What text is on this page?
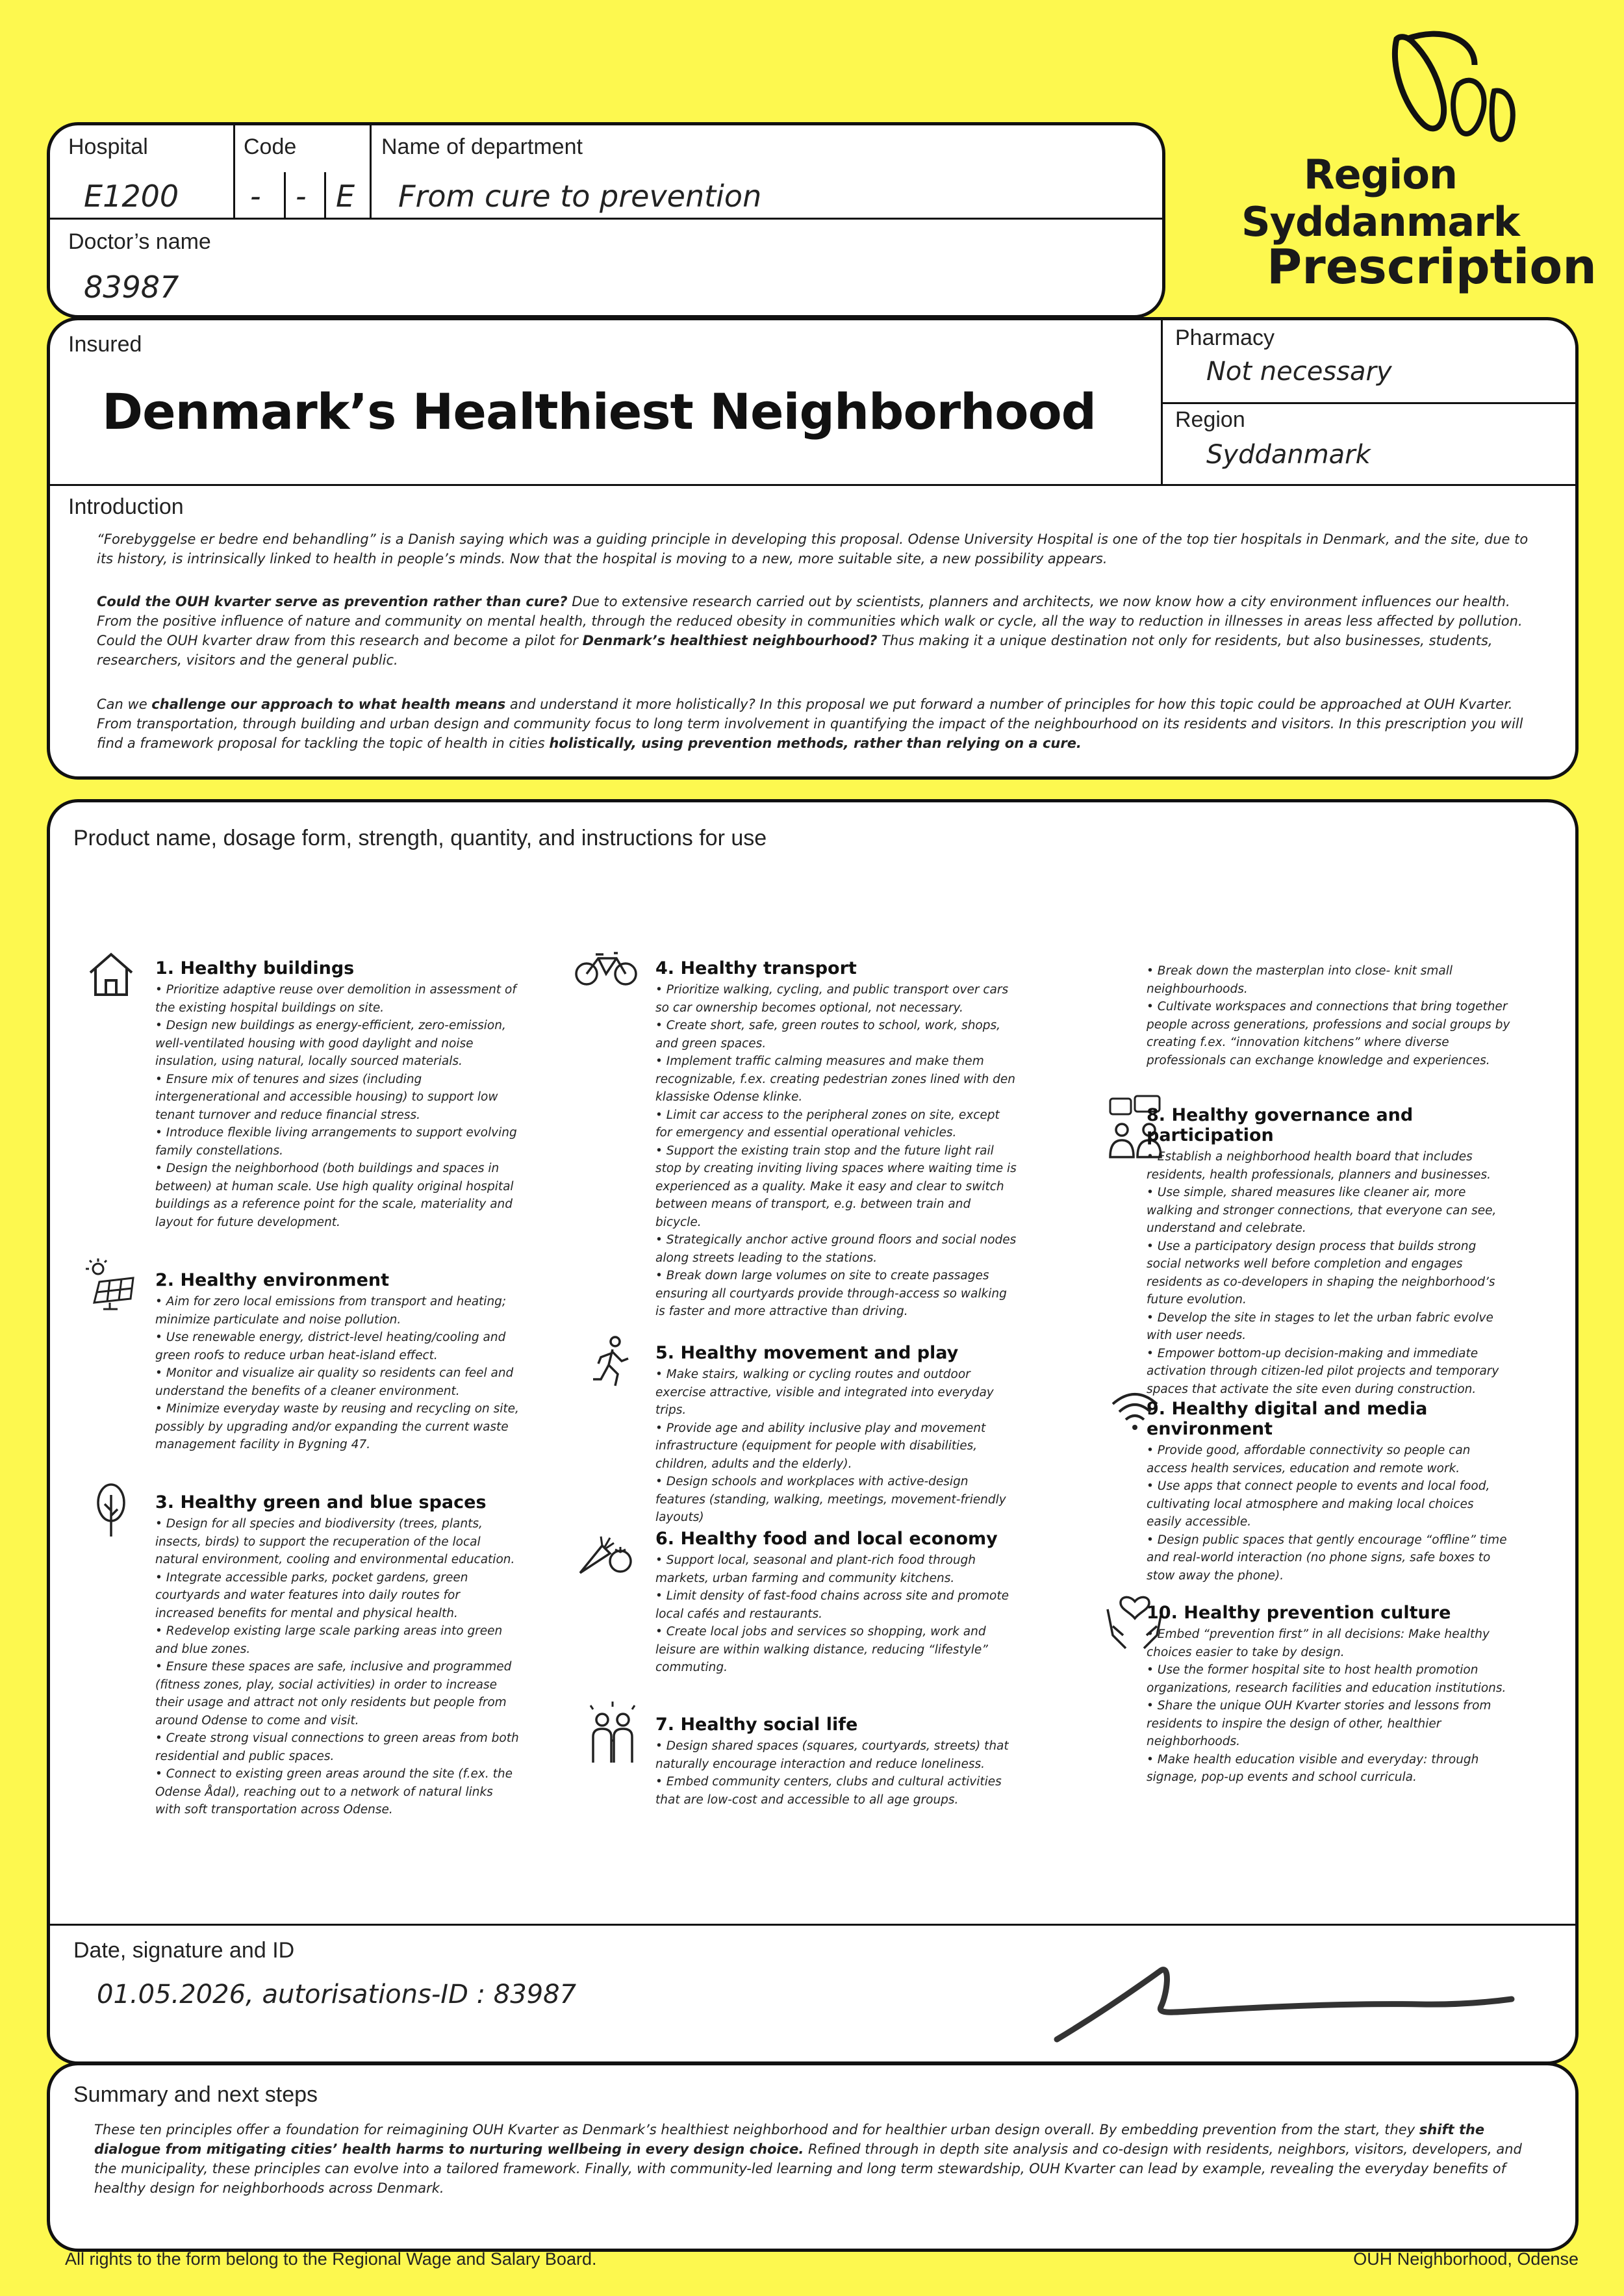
Region Syddanmark
Prescription
Hospital
E1200
Code
- - E
Name of department
From cure to prevention
Doctor’s name
83987
Insured
Denmark’s Healthiest Neighborhood
Pharmacy
Not necessary
Region
Syddanmark
Introduction
“Forebyggelse er bedre end behandling” is a Danish saying which was a guiding principle in developing this proposal. Odense University Hospital is one of the top tier hospitals in Denmark, and the site, due to its history, is intrinsically linked to health in people’s minds. Now that the hospital is moving to a new, more suitable site, a new possibility appears.
Could the OUH kvarter serve as prevention rather than cure? Due to extensive research carried out by scientists, planners and architects, we now know how a city environment influences our health. From the positive influence of nature and community on mental health, through the reduced obesity in communities which walk or cycle, all the way to reduction in illnesses in areas less affected by pollution. Could the OUH kvarter draw from this research and become a pilot for Denmark’s healthiest neighbourhood? Thus making it a unique destination not only for residents, but also businesses, students, researchers, visitors and the general public.
Can we challenge our approach to what health means and understand it more holistically? In this proposal we put forward a number of principles for how this topic could be approached at OUH Kvarter. From transportation, through building and urban design and community focus to long term involvement in quantifying the impact of the neighbourhood on its residents and visitors. In this prescription you will find a framework proposal for tackling the topic of health in cities holistically, using prevention methods, rather than relying on a cure.
Product name, dosage form, strength, quantity, and instructions for use
1. Healthy buildings
• Prioritize adaptive reuse over demolition in assessment of the existing hospital buildings on site.
• Design new buildings as energy-efficient, zero-emission, well-ventilated housing with good daylight and noise insulation, using natural, locally sourced materials.
• Ensure mix of tenures and sizes (including intergenerational and accessible housing) to support low tenant turnover and reduce financial stress.
• Introduce flexible living arrangements to support evolving family constellations.
• Design the neighborhood (both buildings and spaces in between) at human scale. Use high quality original hospital buildings as a reference point for the scale, materiality and layout for future development.
2. Healthy environment
• Aim for zero local emissions from transport and heating; minimize particulate and noise pollution.
• Use renewable energy, district-level heating/cooling and green roofs to reduce urban heat-island effect.
• Monitor and visualize air quality so residents can feel and understand the benefits of a cleaner environment.
• Minimize everyday waste by reusing and recycling on site, possibly by upgrading and/or expanding the current waste management facility in Bygning 47.
3. Healthy green and blue spaces
• Design for all species and biodiversity (trees, plants, insects, birds) to support the recuperation of the local natural environment, cooling and environmental education.
• Integrate accessible parks, pocket gardens, green courtyards and water features into daily routes for increased benefits for mental and physical health.
• Redevelop existing large scale parking areas into green and blue zones.
• Ensure these spaces are safe, inclusive and programmed (fitness zones, play, social activities) in order to increase their usage and attract not only residents but people from around Odense to come and visit.
• Create strong visual connections to green areas from both residential and public spaces.
• Connect to existing green areas around the site (f.ex. the Odense Ådal), reaching out to a network of natural links with soft transportation across Odense.
4. Healthy transport
• Prioritize walking, cycling, and public transport over cars so car ownership becomes optional, not necessary.
• Create short, safe, green routes to school, work, shops, and green spaces.
• Implement traffic calming measures and make them recognizable, f.ex. creating pedestrian zones lined with den klassiske Odense klinke.
• Limit car access to the peripheral zones on site, except for emergency and essential operational vehicles.
• Support the existing train stop and the future light rail stop by creating inviting living spaces where waiting time is experienced as a quality. Make it easy and clear to switch between means of transport, e.g. between train and bicycle.
• Strategically anchor active ground floors and social nodes along streets leading to the stations.
• Break down large volumes on site to create passages ensuring all courtyards provide through-access so walking is faster and more attractive than driving.
5. Healthy movement and play
• Make stairs, walking or cycling routes and outdoor exercise attractive, visible and integrated into everyday trips.
• Provide age and ability inclusive play and movement infrastructure (equipment for people with disabilities, children, adults and the elderly).
• Design schools and workplaces with active-design features (standing, walking, meetings, movement-friendly layouts)
6. Healthy food and local economy
• Support local, seasonal and plant-rich food through markets, urban farming and community kitchens.
• Limit density of fast-food chains across site and promote local cafés and restaurants.
• Create local jobs and services so shopping, work and leisure are within walking distance, reducing “lifestyle” commuting.
7. Healthy social life
• Design shared spaces (squares, courtyards, streets) that naturally encourage interaction and reduce loneliness.
• Embed community centers, clubs and cultural activities that are low-cost and accessible to all age groups.
• Break down the masterplan into close- knit small neighbourhoods.
• Cultivate workspaces and connections that bring together people across generations, professions and social groups by creating f.ex. “innovation kitchens” where diverse professionals can exchange knowledge and experiences.
8. Healthy governance and participation
• Establish a neighborhood health board that includes residents, health professionals, planners and businesses.
• Use simple, shared measures like cleaner air, more walking and stronger connections, that everyone can see, understand and celebrate.
• Use a participatory design process that builds strong social networks well before completion and engages residents as co-developers in shaping the neighborhood’s future evolution.
• Develop the site in stages to let the urban fabric evolve with user needs.
• Empower bottom-up decision-making and immediate activation through citizen-led pilot projects and temporary spaces that activate the site even during construction.
9. Healthy digital and media environment
• Provide good, affordable connectivity so people can access health services, education and remote work.
• Use apps that connect people to events and local food, cultivating local atmosphere and making local choices easily accessible.
• Design public spaces that gently encourage “offline” time and real-world interaction (no phone signs, safe boxes to stow away the phone).
10. Healthy prevention culture
• Embed “prevention first” in all decisions: Make healthy choices easier to take by design.
• Use the former hospital site to host health promotion organizations, research facilities and education institutions.
• Share the unique OUH Kvarter stories and lessons from residents to inspire the design of other, healthier neighborhoods.
• Make health education visible and everyday: through signage, pop-up events and school curricula.
Date, signature and ID
01.05.2026, autorisations-ID : 83987
Summary and next steps
These ten principles offer a foundation for reimagining OUH Kvarter as Denmark’s healthiest neighborhood and for healthier urban design overall. By embedding prevention from the start, they shift the dialogue from mitigating cities’ health harms to nurturing wellbeing in every design choice. Refined through in depth site analysis and co-design with residents, neighbors, visitors, developers, and the municipality, these principles can evolve into a tailored framework. Finally, with community-led learning and long term stewardship, OUH Kvarter can lead by example, revealing the everyday benefits of healthy design for neighborhoods across Denmark.
All rights to the form belong to the Regional Wage and Salary Board.	OUH Neighborhood, Odense
